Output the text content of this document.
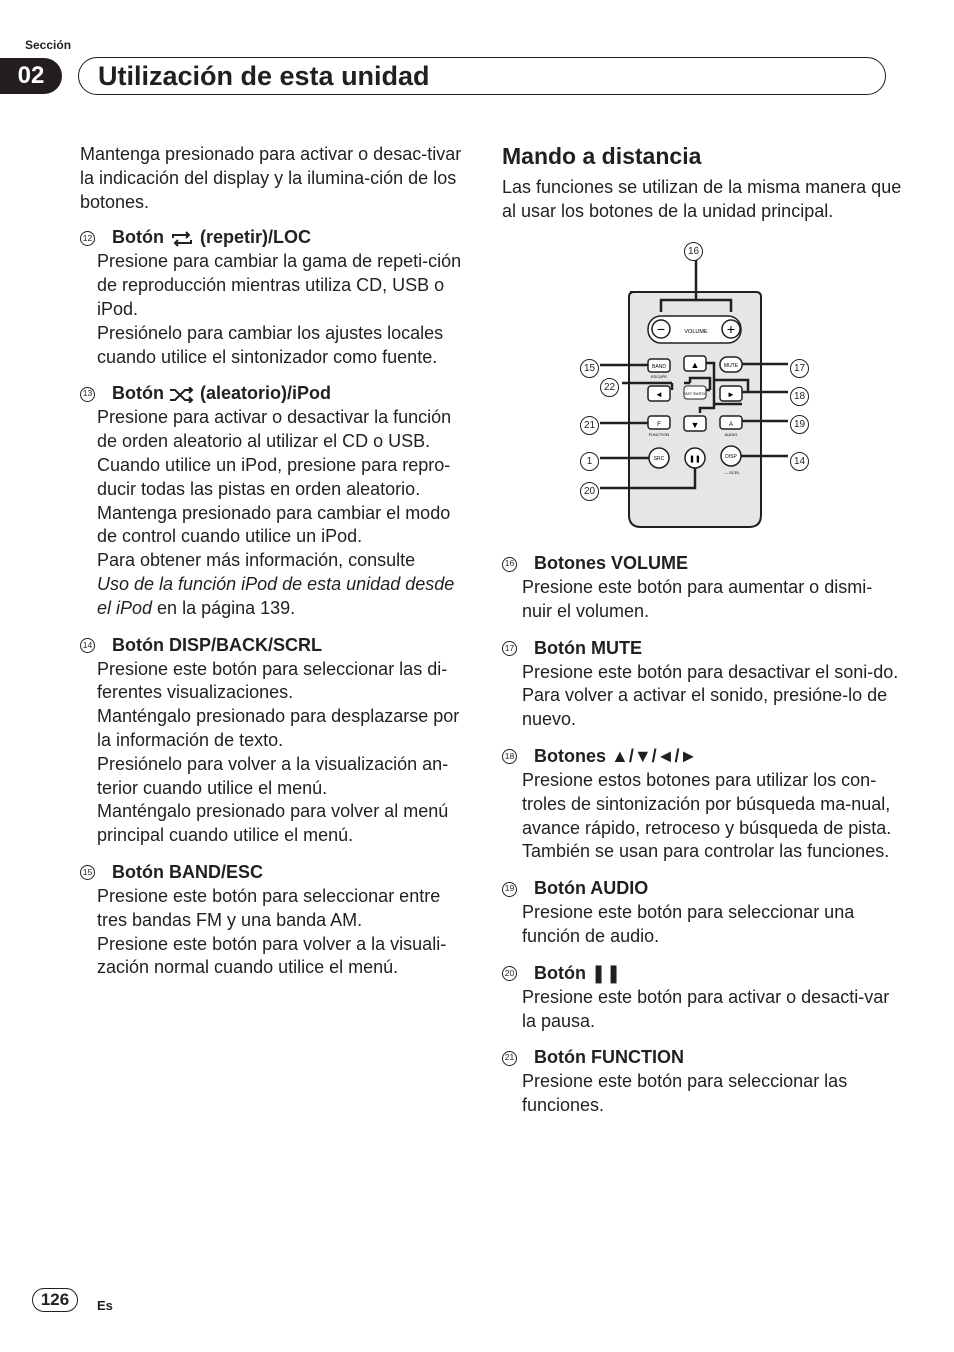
Sección
02	Utilización de esta unidad

Mantenga presionado para activar o desac-tivar la indicación del display y la ilumina-ción de los botones.

12 Botón

(repetir)/LOC

Presione para cambiar la gama de repeti-ción de reproducción mientras utiliza CD, USB o iPod.

Presiónelo para cambiar los ajustes locales cuando utilice el sintonizador como fuente.

13 Botón

(aleatorio)/iPod

Presione para activar o desactivar la función de orden aleatorio al utilizar el CD o USB.

Cuando utilice un iPod, presione para repro-ducir todas las pistas en orden aleatorio.

Mantenga presionado para cambiar el modo de control cuando utilice un iPod.

Para obtener más información, consulte

Uso de la función iPod de esta unidad desde el iPod en la página 139.

14 Botón DISP/BACK/SCRL

Presione este botón para seleccionar las di-ferentes visualizaciones.

Manténgalo presionado para desplazarse por la información de texto.

Presiónelo para volver a la visualización an-terior cuando utilice el menú.

Manténgalo presionado para volver al menú principal cuando utilice el menú.

15 Botón BAND/ESC

Presione este botón para seleccionar entre tres bandas FM y una banda AM.

Presione este botón para volver a la visuali-zación normal cuando utilice el menú.

Mando a distancia
Las funciones se utilizan de la misma manera que al usar los botones de la unidad principal.
−	+
VOLUME
BAND
ESCAPE
MUTE
▲
◄	►
FAST SWITCH
▼
F
FUNCTION
A
AUDIO
SRC	❚❚	DISP
— SCRL
16
15
22
21
1
20
17
18
19
14
16 Botones VOLUME

Presione este botón para aumentar o dismi-nuir el volumen.

17 Botón MUTE

Presione este botón para desactivar el soni-do. Para volver a activar el sonido, presióne-lo de nuevo.

18 Botones ▲/▼/◄/►

Presione estos botones para utilizar los con-troles de sintonización por búsqueda ma-nual, avance rápido, retroceso y búsqueda de pista. También se usan para controlar las funciones.

19 Botón AUDIO

Presione este botón para seleccionar una función de audio.

20 Botón ❚❚

Presione este botón para activar o desacti-var la pausa.

21 Botón FUNCTION

Presione este botón para seleccionar las funciones.

126	Es
